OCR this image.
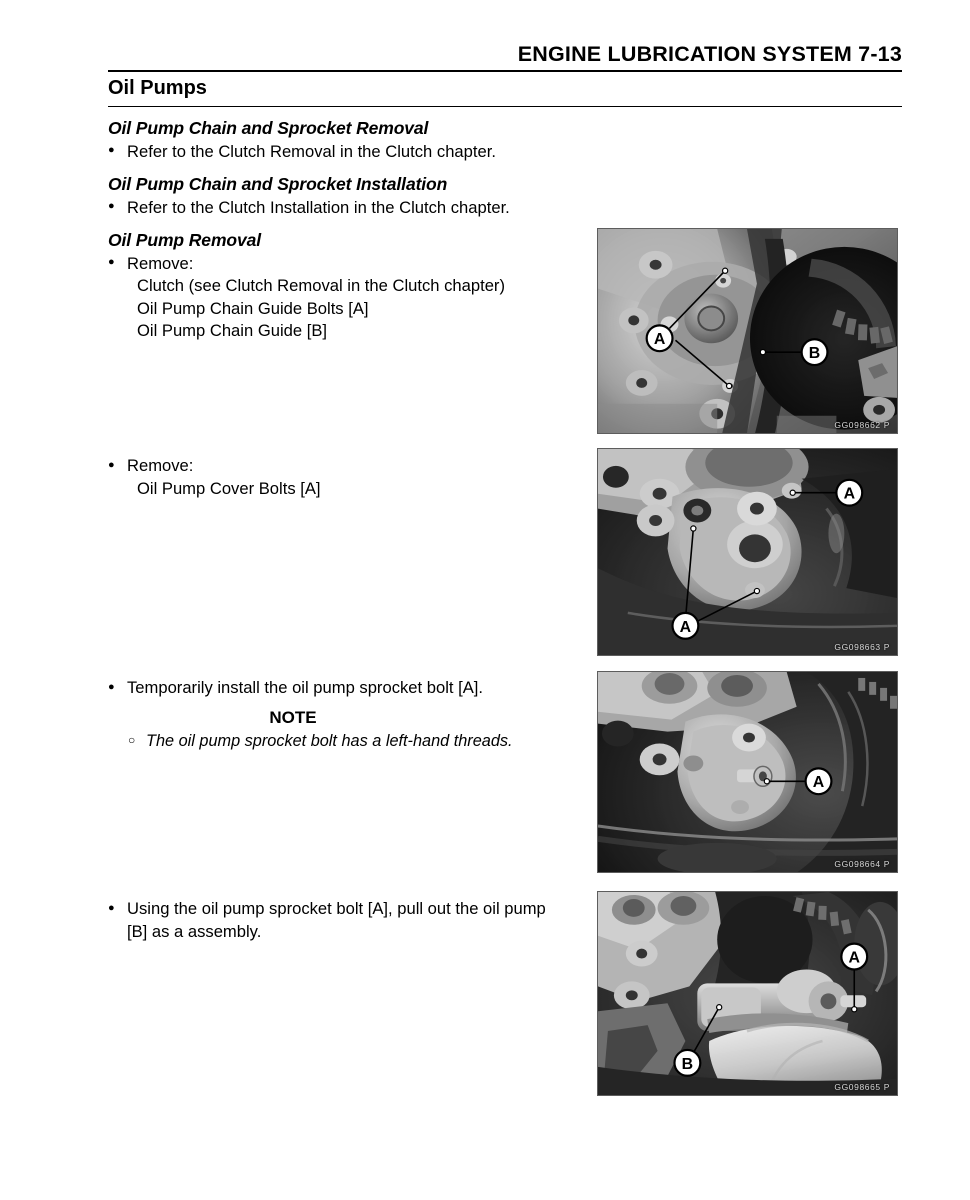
ENGINE LUBRICATION SYSTEM 7-13
Oil Pumps
Oil Pump Chain and Sprocket Removal
● Refer to the Clutch Removal in the Clutch chapter.
Oil Pump Chain and Sprocket Installation
● Refer to the Clutch Installation in the Clutch chapter.
Oil Pump Removal
● Remove:
Clutch (see Clutch Removal in the Clutch chapter)
Oil Pump Chain Guide Bolts [A]
Oil Pump Chain Guide [B]
● Remove:
Oil Pump Cover Bolts [A]
● Temporarily install the oil pump sprocket bolt [A].
NOTE
○ The oil pump sprocket bolt has a left-hand threads.
● Using the oil pump sprocket bolt [A], pull out the oil pump
[B] as a assembly.
A
B
GG098662 P
A
A
GG098663 P
A
GG098664 P
A
B
GG098665 P
